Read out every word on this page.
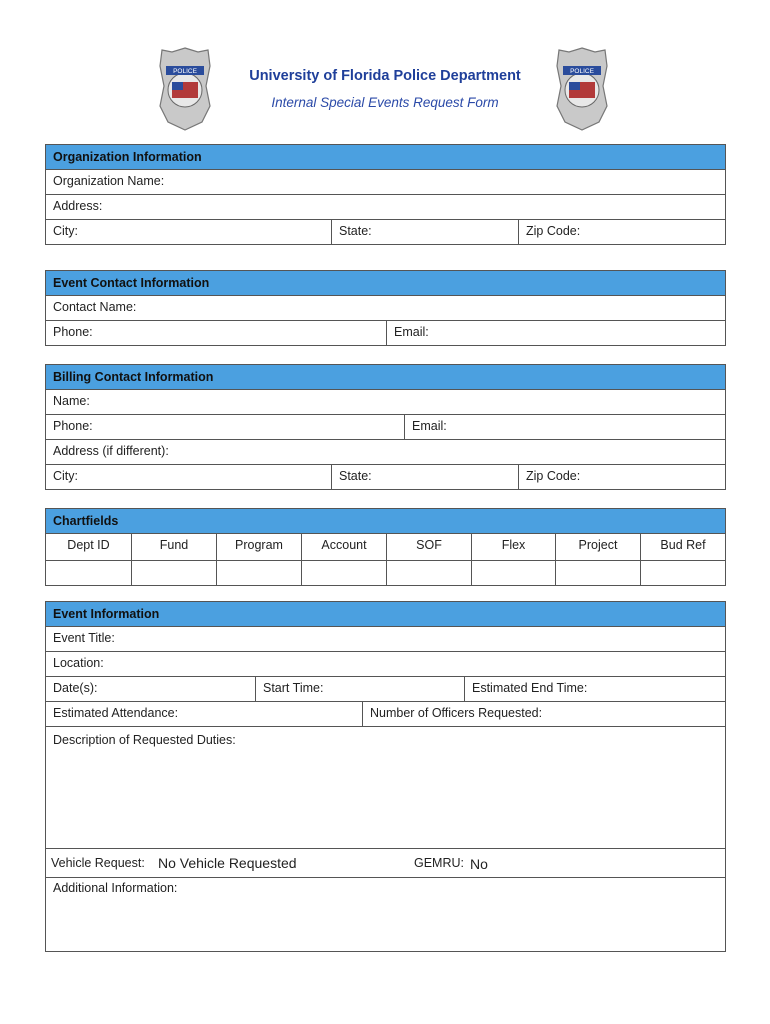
POLICE	POLICE
University of Florida Police Department
Internal Special Events Request Form
Organization Information
Organization Name:
Address:
City:	State:	Zip Code:
Event Contact Information
Contact Name:
Phone:	Email:
Billing Contact Information
Name:
Phone:	Email:
Address (if different):
City:	State:	Zip Code:
Chartfields
Dept ID	Fund	Program	Account	SOF	Flex	Project	Bud Ref
Event Information
Event Title:
Location:
Date(s):	Start Time:	Estimated End Time:
Estimated Attendance:	Number of Officers Requested:
Description of Requested Duties:
Vehicle Request: No Vehicle Requested	GEMRU: No
Additional Information:
